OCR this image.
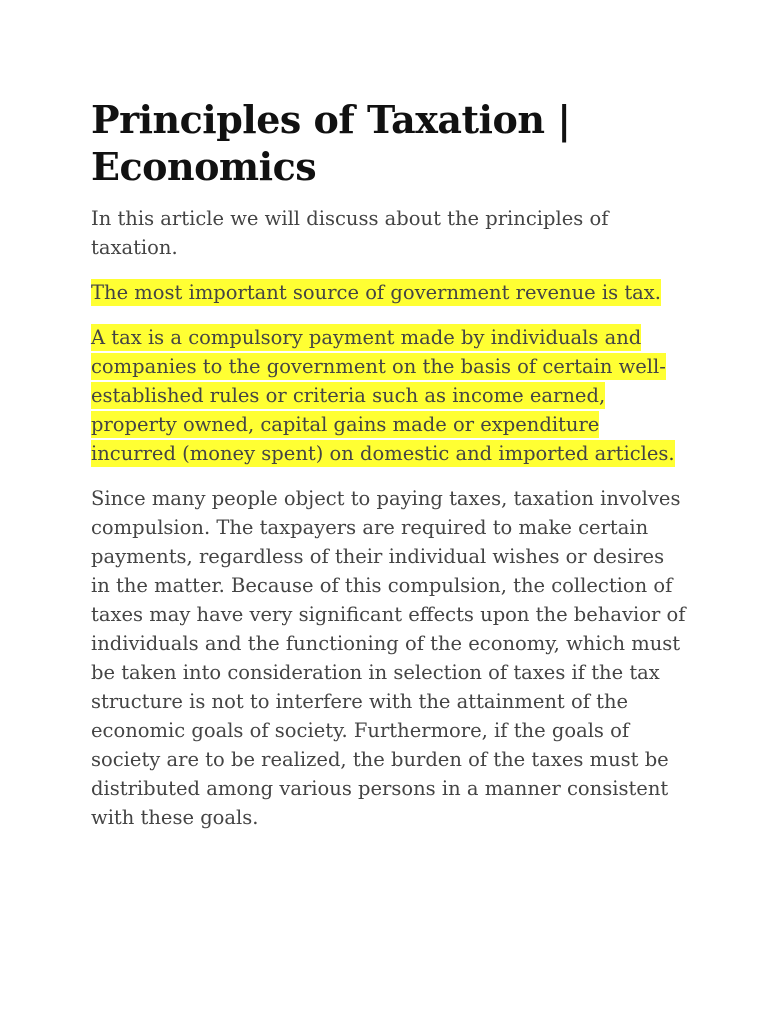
Principles of Taxation | Economics

In this article we will discuss about the principles of taxation.

The most important source of government revenue is tax.

A tax is a compulsory payment made by individuals and companies to the government on the basis of certain well-established rules or criteria such as income earned, property owned, capital gains made or expenditure incurred (money spent) on domestic and imported articles.

Since many people object to paying taxes, taxation involves compulsion. The taxpayers are required to make certain payments, regardless of their individual wishes or desires in the matter. Because of this compulsion, the collection of taxes may have very significant effects upon the behavior of individuals and the functioning of the economy, which must be taken into consideration in selection of taxes if the tax structure is not to interfere with the attainment of the economic goals of society. Furthermore, if the goals of society are to be realized, the burden of the taxes must be distributed among various persons in a manner consistent with these goals.
